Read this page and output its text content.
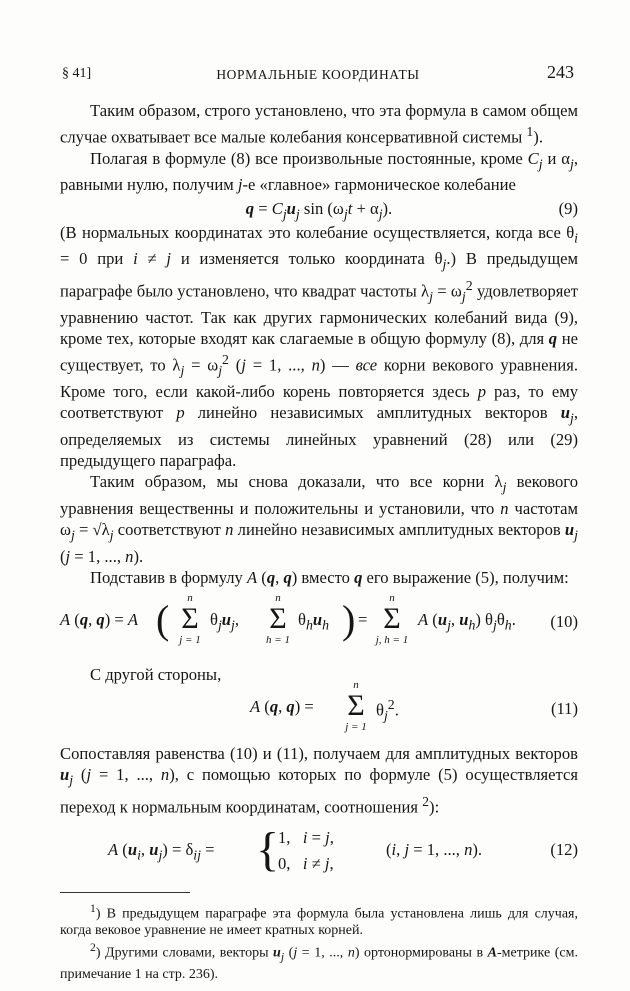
§ 41]	НОРМАЛЬНЫЕ КООРДИНАТЫ	243

Таким образом, строго установлено, что эта формула в самом общем случае охватывает все малые колебания консервативной системы $^1$).

Полагая в формуле (8) все произвольные постоянные, кроме $C_j$ и $\alpha_j$, равными нулю, получим j-е «главное» гармоническое колебание

$q = C_ju_j$ $\sin (\omega_jt + \alpha_j)$.	(9)

(В нормальных координатах это колебание осуществляется, когда все $\theta_i = 0$ при i ≠ j и изменяется только координата $\theta_j$.) В предыдущем параграфе было установлено, что квадрат частоты $\lambda_j = \omega_j^2$ удовлетворяет уравнению частот. Так как других гармонических колебаний вида (9), кроме тех, которые входят как слагаемые в общую формулу (8), для q не существует, то $\lambda_j = \omega_j^2$ (j = 1, ..., n) — все корни векового уравнения. Кроме того, если какой-либо корень повторяется здесь p раз, то ему соответствуют p линейно независимых амплитудных векторов $u_j$, определяемых из системы линейных уравнений (28) или (29) предыдущего параграфа.

Таким образом, мы снова доказали, что все корни $\lambda_j$ векового уравнения вещественны и положительны и установили, что n частотам $\omega_j = √\lambda_j$ соответствуют n линейно независимых амплитудных векторов $u_j$ (j = 1, ..., n).

Подставив в формулу A (q, q) вместо q его выражение (5), получим:

A (q, q) = A (	n
Σ
j = 1
$\theta_ju_j$,
n
Σ
h = 1
$\theta_hu_h$ ) =
n
Σ
j, h = 1
A ($u_j$, $u_h$) $\theta_j\theta_h$. (10)

С другой стороны,

A (q, q) =
n
Σ
j = 1
$\theta_j^2$.	(11)

Сопоставляя равенства (10) и (11), получаем для амплитудных векторов $u_j$ (j = 1, ..., n), с помощью которых по формуле (5) осуществляется переход к нормальным координатам, соотношения $^2$):

A ($u_i$, $u_j) = \delta_{ij}$ = {
1,   i = j,
0,   i ≠ j,
(i, j = 1, ..., n).	(12)

$^1$) В предыдущем параграфе эта формула была установлена лишь для случая, когда вековое уравнение не имеет кратных корней.

$^2$) Другими словами, векторы $u_j$ (j = 1, ..., n) ортонормированы в A-метрике (см. примечание 1 на стр. 236).
